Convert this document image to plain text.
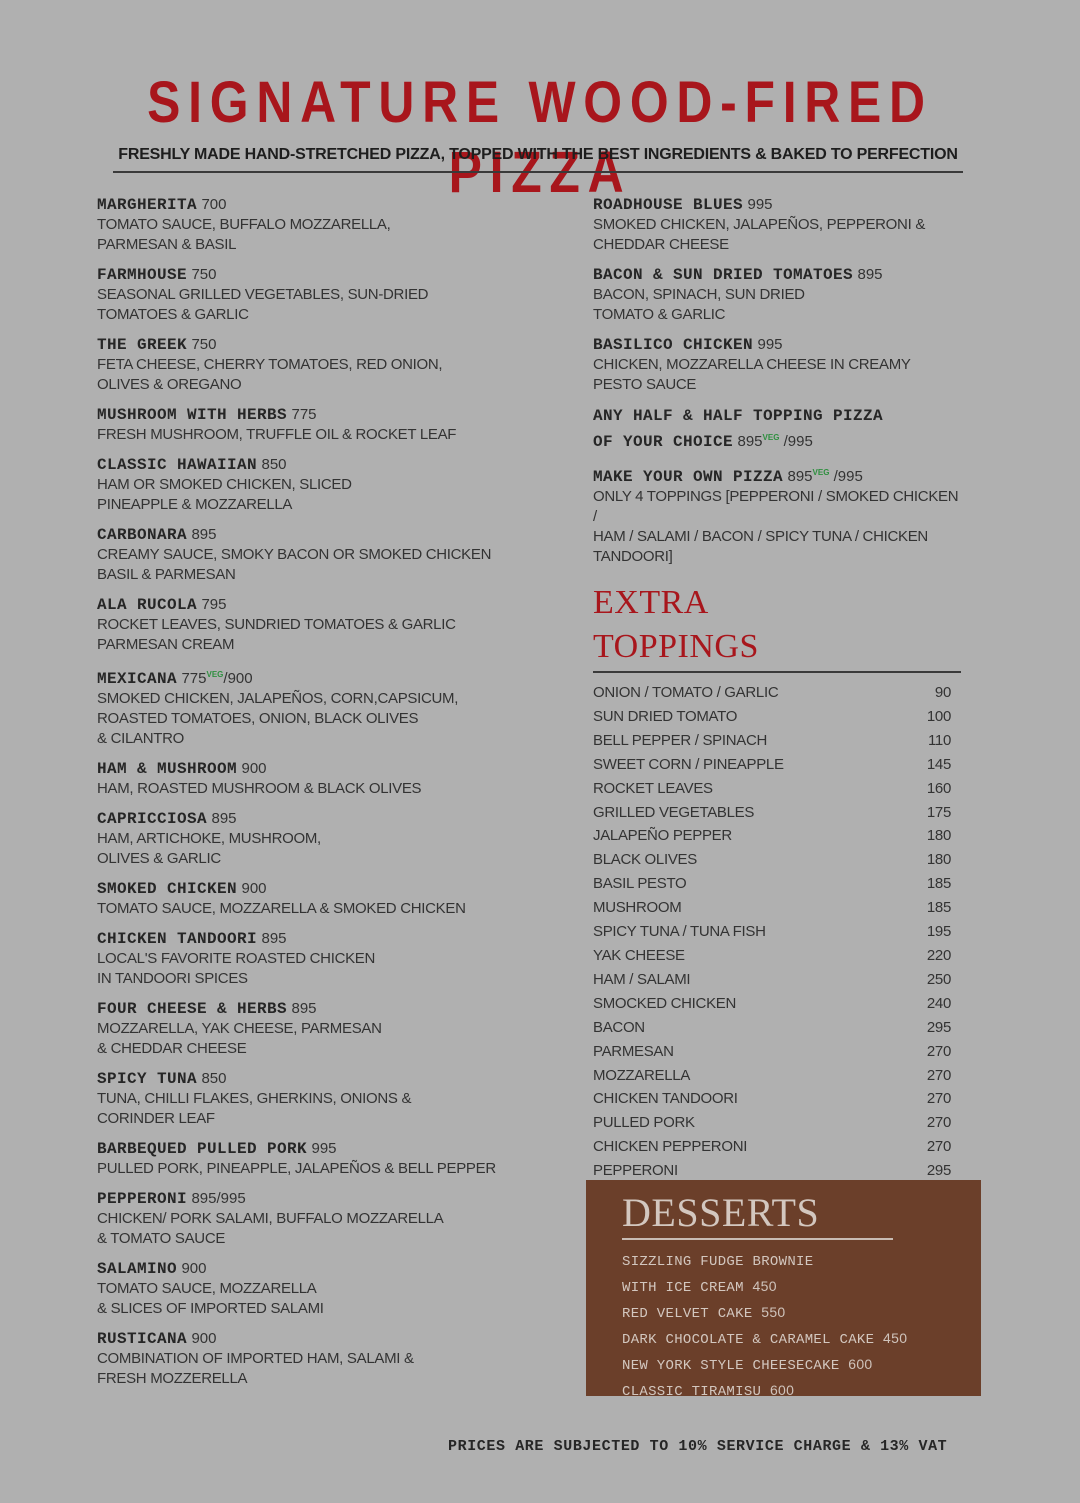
SIGNATURE WOOD-FIRED PIZZA
FRESHLY MADE HAND-STRETCHED PIZZA, TOPPED WITH THE BEST INGREDIENTS & BAKED TO PERFECTION
MARGHERITA 700
TOMATO SAUCE, BUFFALO MOZZARELLA,
PARMESAN & BASIL
FARMHOUSE 750
SEASONAL GRILLED VEGETABLES, SUN-DRIED
TOMATOES & GARLIC
THE GREEK 750
FETA CHEESE, CHERRY TOMATOES, RED ONION,
OLIVES & OREGANO
MUSHROOM WITH HERBS 775
FRESH MUSHROOM, TRUFFLE OIL & ROCKET LEAF
CLASSIC HAWAIIAN 850
HAM OR SMOKED CHICKEN, SLICED
PINEAPPLE & MOZZARELLA
CARBONARA 895
CREAMY SAUCE, SMOKY BACON OR SMOKED CHICKEN
BASIL & PARMESAN
ALA RUCOLA 795
ROCKET LEAVES, SUNDRIED TOMATOES & GARLIC
PARMESAN CREAM
MEXICANA $775^{VEG}/900$
SMOKED CHICKEN, JALAPEÑOS, CORN,CAPSICUM,
ROASTED TOMATOES, ONION, BLACK OLIVES
& CILANTRO
HAM & MUSHROOM 900
HAM, ROASTED MUSHROOM & BLACK OLIVES
CAPRICCIOSA 895
HAM, ARTICHOKE, MUSHROOM,
OLIVES & GARLIC
SMOKED CHICKEN 900
TOMATO SAUCE, MOZZARELLA & SMOKED CHICKEN
CHICKEN TANDOORI 895
LOCAL'S FAVORITE ROASTED CHICKEN
IN TANDOORI SPICES
FOUR CHEESE & HERBS 895
MOZZARELLA, YAK CHEESE, PARMESAN
& CHEDDAR CHEESE
SPICY TUNA 850
TUNA, CHILLI FLAKES, GHERKINS, ONIONS &
CORINDER LEAF
BARBEQUED PULLED PORK 995
PULLED PORK, PINEAPPLE, JALAPEÑOS & BELL PEPPER
PEPPERONI 895/995
CHICKEN/ PORK SALAMI, BUFFALO MOZZARELLA
& TOMATO SAUCE
SALAMINO 900
TOMATO SAUCE, MOZZARELLA
& SLICES OF IMPORTED SALAMI
RUSTICANA 900
COMBINATION OF IMPORTED HAM, SALAMI &
FRESH MOZZERELLA
ROADHOUSE BLUES 995
SMOKED CHICKEN, JALAPEÑOS, PEPPERONI &
CHEDDAR CHEESE
BACON & SUN DRIED TOMATOES 895
BACON, SPINACH, SUN DRIED
TOMATO & GARLIC
BASILICO CHICKEN 995
CHICKEN, MOZZARELLA CHEESE IN CREAMY
PESTO SAUCE
ANY HALF & HALF TOPPING PIZZA
OF YOUR CHOICE $895^{VEG}$ /995
MAKE YOUR OWN PIZZA $895^{VEG}$ /995
ONLY 4 TOPPINGS [PEPPERONI / SMOKED CHICKEN /
HAM / SALAMI / BACON / SPICY TUNA / CHICKEN
TANDOORI]
EXTRA
TOPPINGS
ONION / TOMATO / GARLIC	90
SUN DRIED TOMATO	100
BELL PEPPER / SPINACH	110
SWEET CORN / PINEAPPLE	145
ROCKET LEAVES	160
GRILLED VEGETABLES	175
JALAPEÑO PEPPER	180
BLACK OLIVES	180
BASIL PESTO	185
MUSHROOM	185
SPICY TUNA / TUNA FISH	195
YAK CHEESE	220
HAM / SALAMI	250
SMOCKED CHICKEN	240
BACON	295
PARMESAN	270
MOZZARELLA	270
CHICKEN TANDOORI	270
PULLED PORK	270
CHICKEN PEPPERONI	270
PEPPERONI	295
DESSERTS
SIZZLING FUDGE BROWNIE
WITH ICE CREAM 450
RED VELVET CAKE 550
DARK CHOCOLATE & CARAMEL CAKE 450
NEW YORK STYLE CHEESECAKE 600
CLASSIC TIRAMISU 600
PRICES ARE SUBJECTED TO 10% SERVICE CHARGE & 13% VAT
